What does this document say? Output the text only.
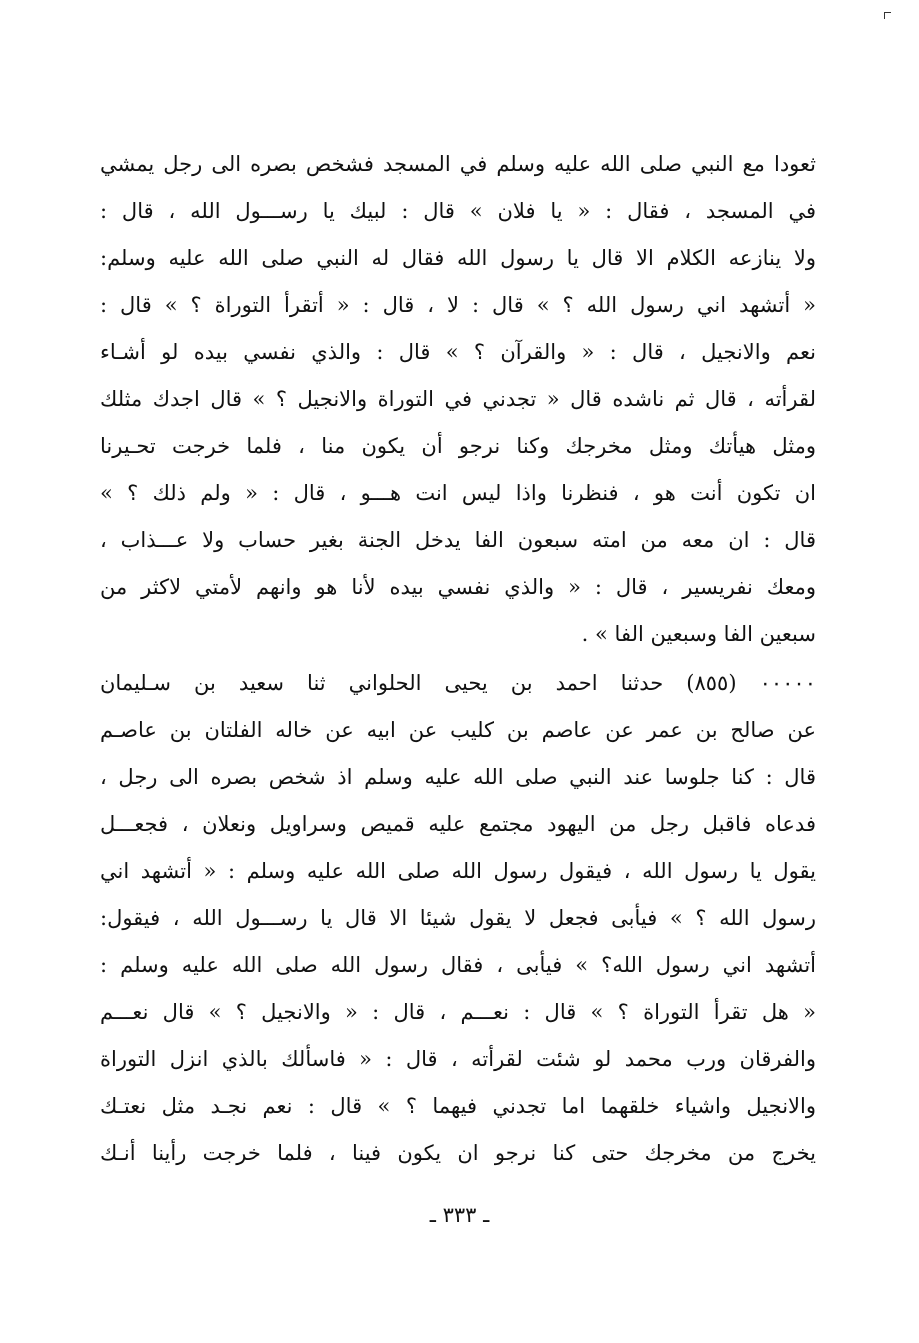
ثعودا مع النبي صلى الله عليه وسلم في المسجد فشخص بصره الى رجل يمشي
في المسجد ، فقال : « يا فلان » قال : لبيك يا رســـول الله ، قال :
ولا ينازعه الكلام الا قال يا رسول الله فقال له النبي صلى الله عليه وسلم:
« أتشهد اني رسول الله ؟ » قال : لا ، قال : « أتقرأ التوراة ؟ » قال :
نعم والانجيل ، قال : « والقرآن ؟ » قال : والذي نفسي بيده لو أشـاء
لقرأته ، قال ثم ناشده قال « تجدني في التوراة والانجيل ؟ » قال اجدك مثلك
ومثل هيأتك ومثل مخرجك وكنا نرجو أن يكون منا ، فلما خرجت تحـيرنا
ان تكون أنت هو ، فنظرنا واذا ليس انت هـــو ، قال : « ولم ذلك ؟ »
قال : ان معه من امته سبعون الفا يدخل الجنة بغير حساب ولا عـــذاب ،
ومعك نفريسير ، قال : « والذي نفسي بيده لأنا هو وانهم لأمتي لاكثر من
سبعين الفا وسبعين الفا » .
٠٠٠٠٠ (٨٥٥) حدثنا احمد بن يحيى الحلواني ثنا سعيد بن سـليمان
عن صالح بن عمر عن عاصم بن كليب عن ابيه عن خاله الفلتان بن عاصـم
قال : كنا جلوسا عند النبي صلى الله عليه وسلم اذ شخص بصره الى رجل ،
فدعاه فاقبل رجل من اليهود مجتمع عليه قميص وسراويل ونعلان ، فجعـــل
يقول يا رسول الله ، فيقول رسول الله صلى الله عليه وسلم : « أتشهد اني
رسول الله ؟ » فيأبى فجعل لا يقول شيئا الا قال يا رســـول الله ، فيقول:
أتشهد اني رسول الله؟ » فيأبى ، فقال رسول الله صلى الله عليه وسلم :
« هل تقرأ التوراة ؟ » قال : نعـــم ، قال : « والانجيل ؟ » قال نعـــم
والفرقان ورب محمد لو شئت لقرأته ، قال : « فاسألك بالذي انزل التوراة
والانجيل واشياء خلقهما اما تجدني فيهما ؟ » قال : نعم نجـد مثل نعتـك
يخرج من مخرجك حتى كنا نرجو ان يكون فينا ، فلما خرجت رأينا أنـك
ـ ٣٣٣ ـ
